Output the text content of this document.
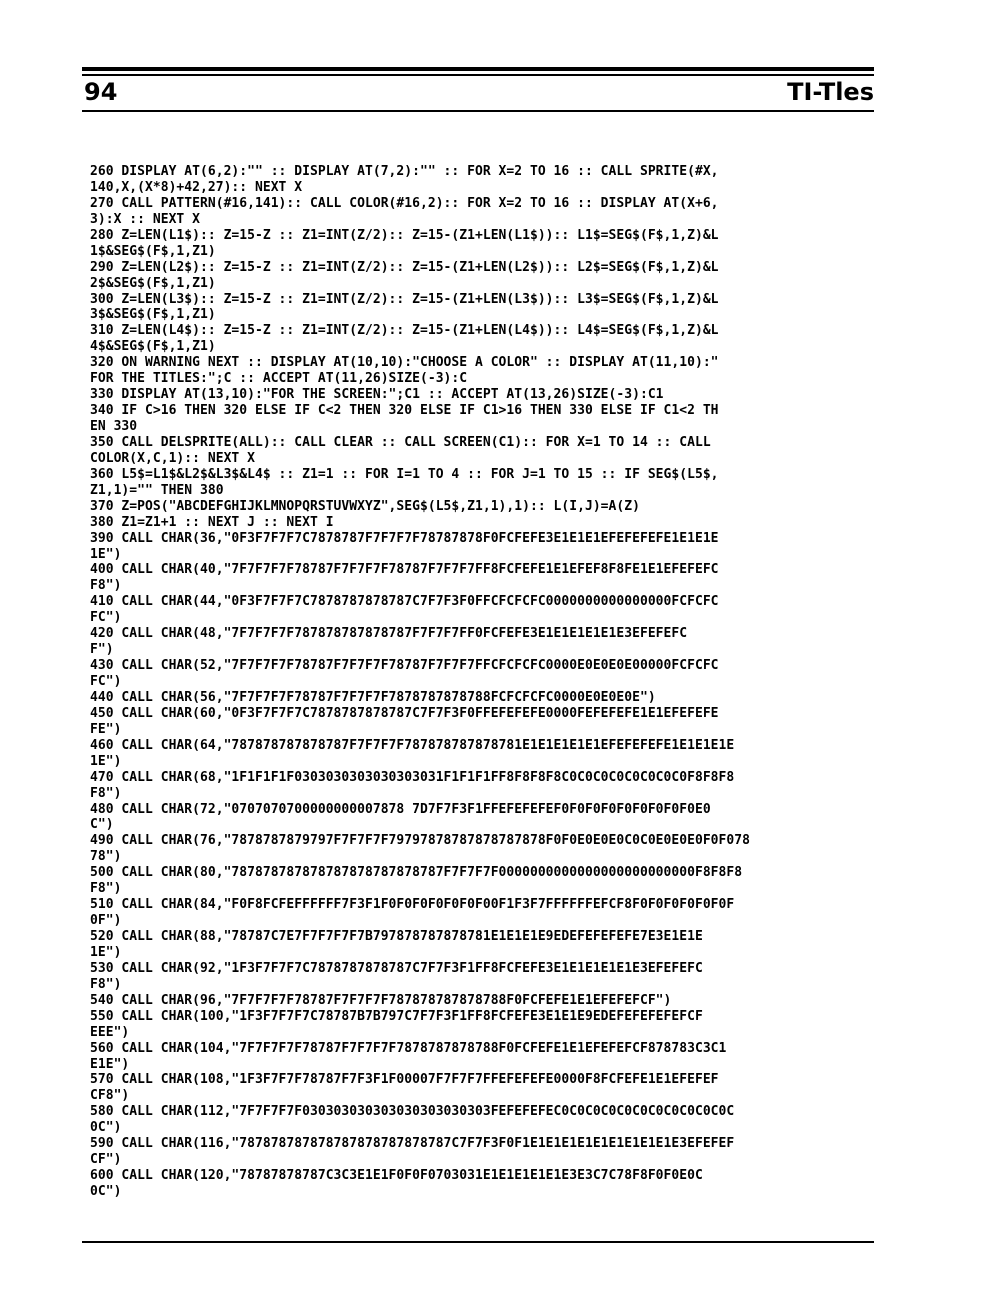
94	TI-Tles
260 DISPLAY AT(6,2):"" :: DISPLAY AT(7,2):"" :: FOR X=2 TO 16 :: CALL SPRITE(#X,
140,X,(X*8)+42,27):: NEXT X
270 CALL PATTERN(#16,141):: CALL COLOR(#16,2):: FOR X=2 TO 16 :: DISPLAY AT(X+6,
3):X :: NEXT X
280 Z=LEN(L1$):: Z=15-Z :: Z1=INT(Z/2):: Z=15-(Z1+LEN(L1$)):: L1$=SEG$(F$,1,Z)&L
1$&SEG$(F$,1,Z1)
290 Z=LEN(L2$):: Z=15-Z :: Z1=INT(Z/2):: Z=15-(Z1+LEN(L2$)):: L2$=SEG$(F$,1,Z)&L
2$&SEG$(F$,1,Z1)
300 Z=LEN(L3$):: Z=15-Z :: Z1=INT(Z/2):: Z=15-(Z1+LEN(L3$)):: L3$=SEG$(F$,1,Z)&L
3$&SEG$(F$,1,Z1)
310 Z=LEN(L4$):: Z=15-Z :: Z1=INT(Z/2):: Z=15-(Z1+LEN(L4$)):: L4$=SEG$(F$,1,Z)&L
4$&SEG$(F$,1,Z1)
320 ON WARNING NEXT :: DISPLAY AT(10,10):"CHOOSE A COLOR" :: DISPLAY AT(11,10):"
FOR THE TITLES:";C :: ACCEPT AT(11,26)SIZE(-3):C
330 DISPLAY AT(13,10):"FOR THE SCREEN:";C1 :: ACCEPT AT(13,26)SIZE(-3):C1
340 IF C>16 THEN 320 ELSE IF C<2 THEN 320 ELSE IF C1>16 THEN 330 ELSE IF C1<2 TH
EN 330
350 CALL DELSPRITE(ALL):: CALL CLEAR :: CALL SCREEN(C1):: FOR X=1 TO 14 :: CALL
COLOR(X,C,1):: NEXT X
360 L5$=L1$&L2$&L3$&L4$ :: Z1=1 :: FOR I=1 TO 4 :: FOR J=1 TO 15 :: IF SEG$(L5$,
Z1,1)="" THEN 380
370 Z=POS("ABCDEFGHIJKLMNOPQRSTUVWXYZ",SEG$(L5$,Z1,1),1):: L(I,J)=A(Z)
380 Z1=Z1+1 :: NEXT J :: NEXT I
390 CALL CHAR(36,"0F3F7F7F7C7878787F7F7F7F78787878F0FCFEFE3E1E1E1EFEFEFEFE1E1E1E
1E")
400 CALL CHAR(40,"7F7F7F7F78787F7F7F7F78787F7F7F7FF8FCFEFE1E1EFEF8F8FE1E1EFEFEFC
F8")
410 CALL CHAR(44,"0F3F7F7F7C7878787878787C7F7F3F0FFCFCFCFC0000000000000000FCFCFC
FC")
420 CALL CHAR(48,"7F7F7F7F787878787878787F7F7F7FF0FCFEFE3E1E1E1E1E1E3EFEFEFC
F")
430 CALL CHAR(52,"7F7F7F7F78787F7F7F7F78787F7F7F7FFCFCFCFC0000E0E0E0E00000FCFCFC
FC")
440 CALL CHAR(56,"7F7F7F7F78787F7F7F7F7878787878788FCFCFCFC0000E0E0E0E")
450 CALL CHAR(60,"0F3F7F7F7C7878787878787C7F7F3F0FFEFEFEFE0000FEFEFEFE1E1EFEFEFE
FE")
460 CALL CHAR(64,"787878787878787F7F7F7F787878787878781E1E1E1E1E1EFEFEFEFE1E1E1E1E
1E")
470 CALL CHAR(68,"1F1F1F1F0303030303030303031F1F1F1FF8F8F8F8C0C0C0C0C0C0C0C0F8F8F8
F8")
480 CALL CHAR(72,"0707070700000000007878 7D7F7F3F1FFEFEFEFEF0F0F0F0F0F0F0F0F0E0
C")
490 CALL CHAR(76,"7878787879797F7F7F7F79797878787878787878F0F0E0E0E0C0C0E0E0E0F0F078
78")
500 CALL CHAR(80,"787878787878787878787878787F7F7F7F0000000000000000000000000F8F8F8
F8")
510 CALL CHAR(84,"F0F8FCFEFFFFFF7F3F1F0F0F0F0F0F0F00F1F3F7FFFFFFEFCF8F0F0F0F0F0F0F
0F")
520 CALL CHAR(88,"78787C7E7F7F7F7F7B797878787878781E1E1E1E9EDEFEFEFEFE7E3E1E1E
1E")
530 CALL CHAR(92,"1F3F7F7F7C7878787878787C7F7F3F1FF8FCFEFE3E1E1E1E1E1E3EFEFEFC
F8")
540 CALL CHAR(96,"7F7F7F7F78787F7F7F7F787878787878788F0FCFEFE1E1EFEFEFCF")
550 CALL CHAR(100,"1F3F7F7F7C78787B7B797C7F7F3F1FF8FCFEFE3E1E1E9EDEFEFEFEFEFCF
EEE")
560 CALL CHAR(104,"7F7F7F7F78787F7F7F7F7878787878788F0FCFEFE1E1EFEFEFCF878783C3C1
E1E")
570 CALL CHAR(108,"1F3F7F7F78787F7F3F1F00007F7F7F7FFEFEFEFE0000F8FCFEFE1E1EFEFEF
CF8")
580 CALL CHAR(112,"7F7F7F7F030303030303030303030303FEFEFEFEC0C0C0C0C0C0C0C0C0C0C0C
0C")
590 CALL CHAR(116,"787878787878787878787878787C7F7F3F0F1E1E1E1E1E1E1E1E1E1E3EFEFEF
CF")
600 CALL CHAR(120,"78787878787C3C3E1E1F0F0F0703031E1E1E1E1E1E3E3C7C78F8F0F0E0C
0C")
